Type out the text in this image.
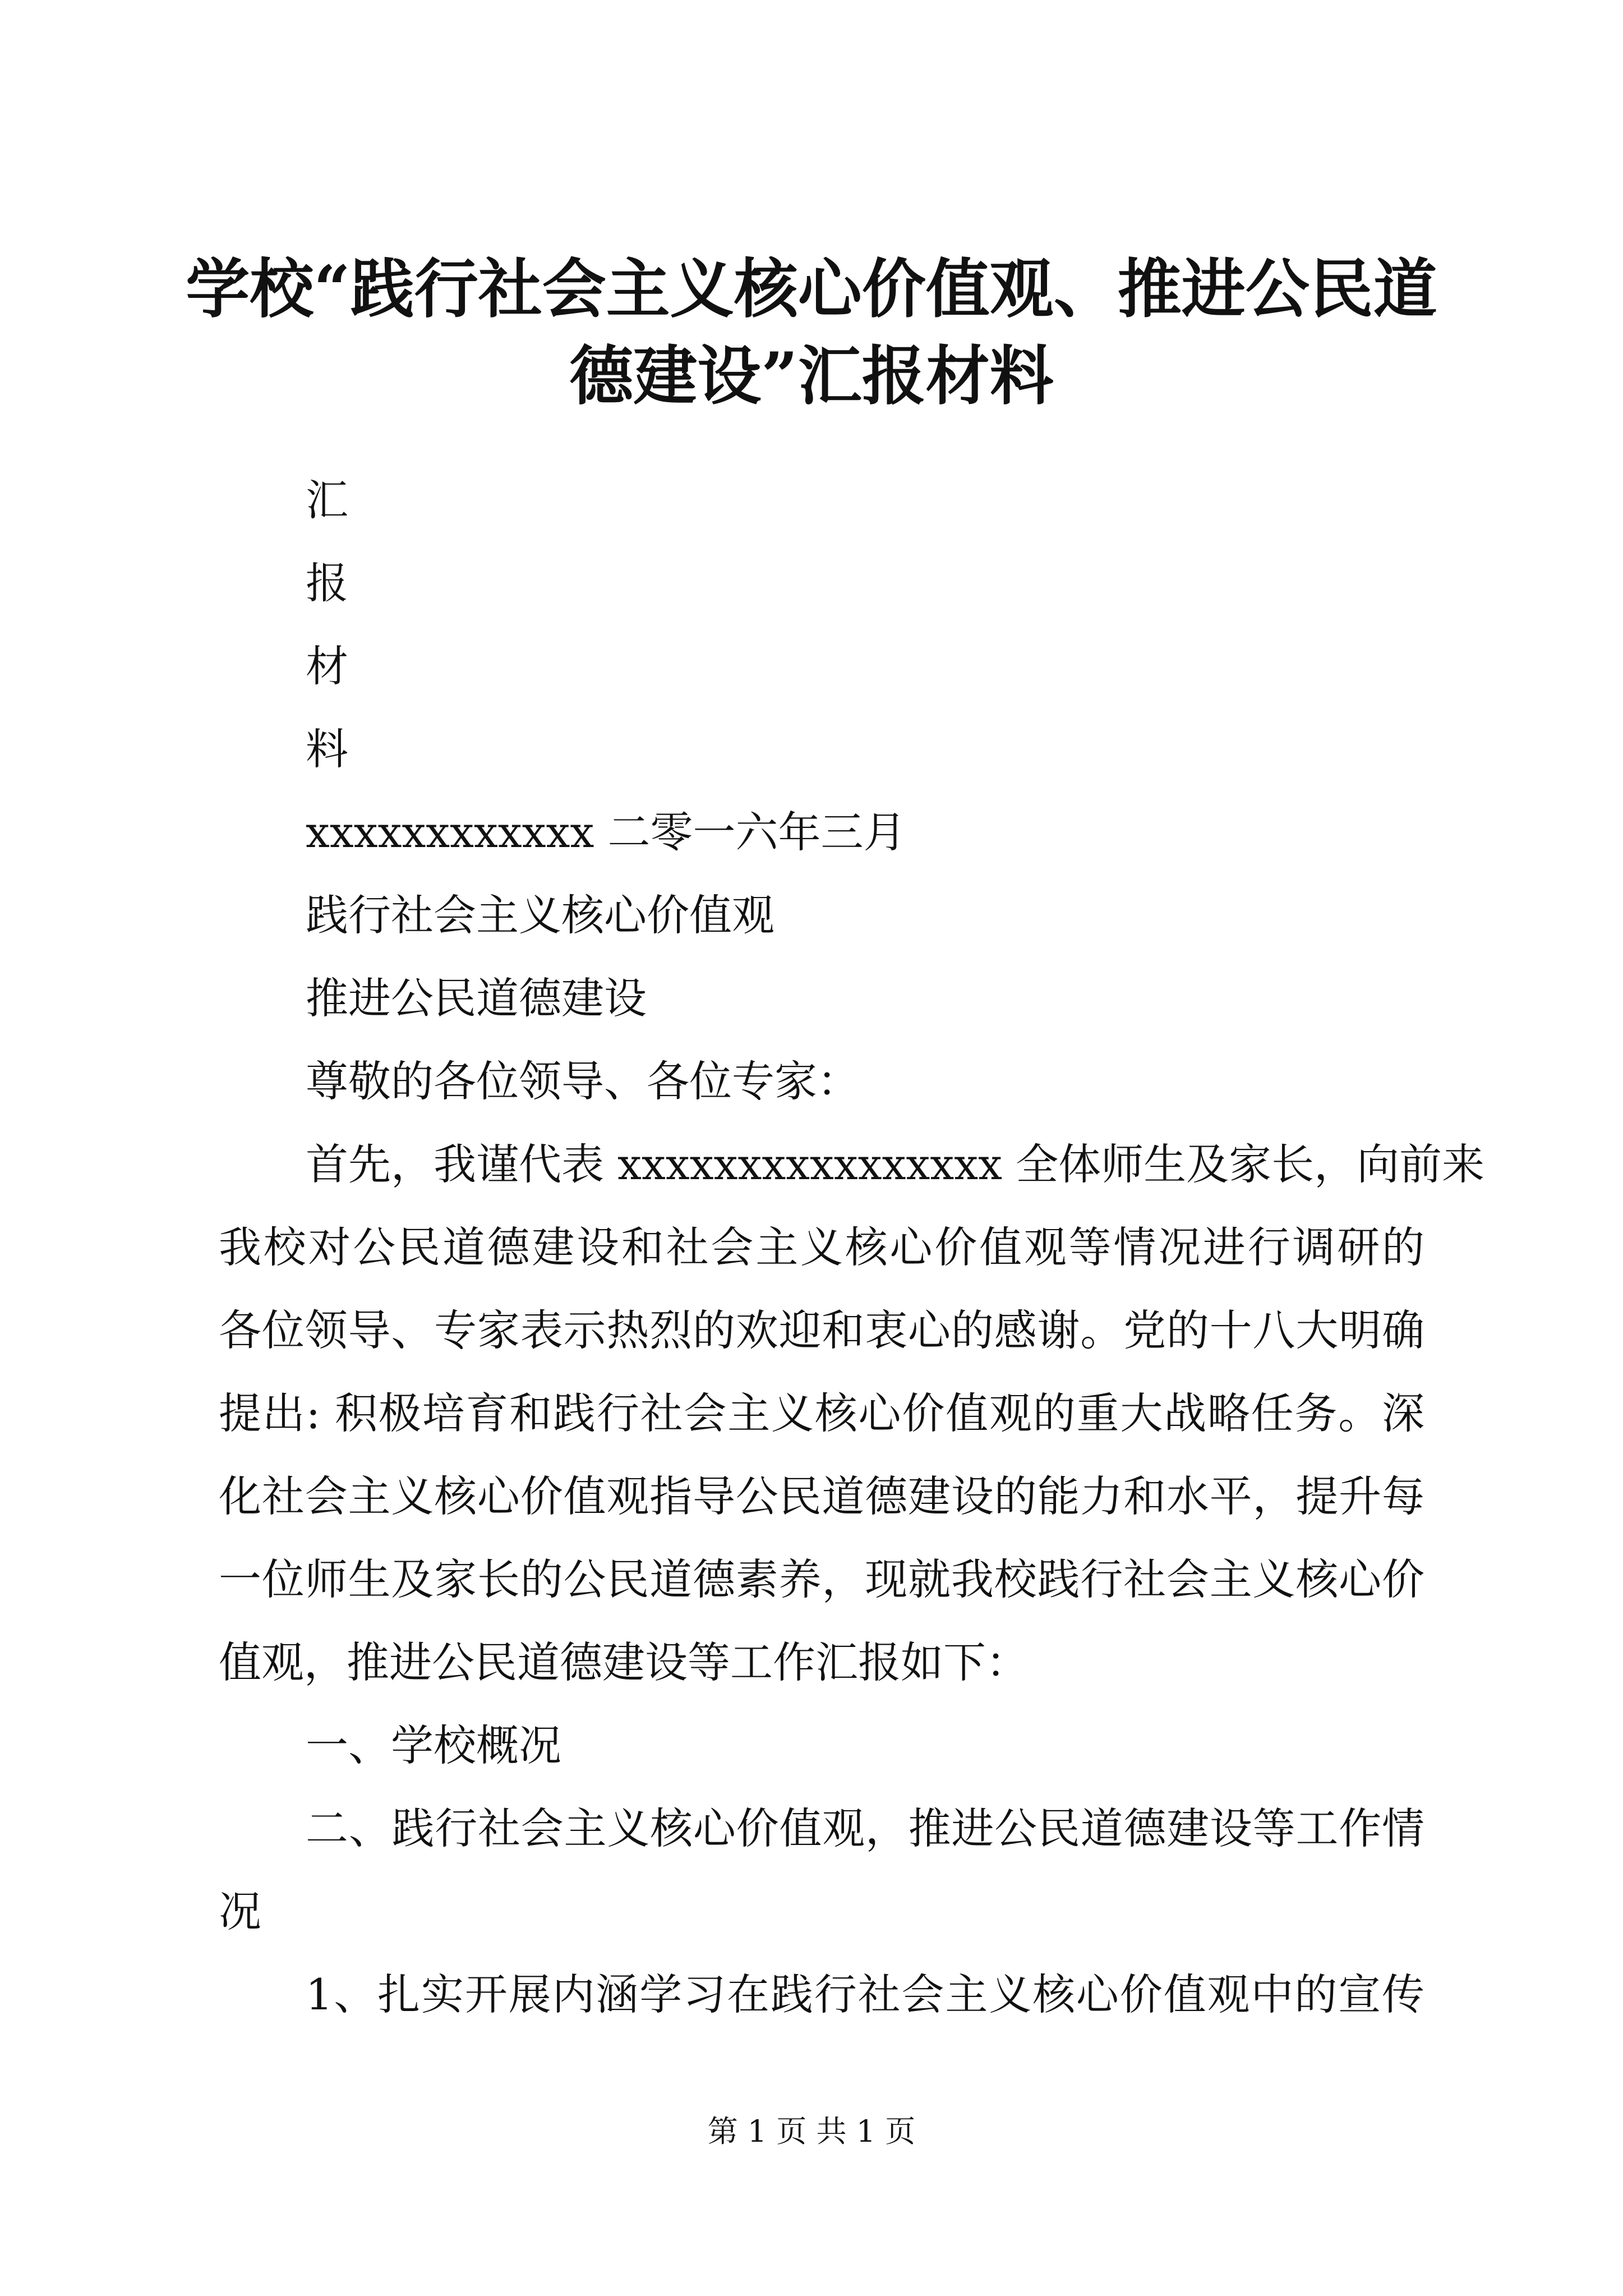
学校“践行社会主义核心价值观、推进公民道
德建设”汇报材料
汇
报
材
料
xxxxxxxxxxxx 二零一六年三月
践行社会主义核心价值观
推进公民道德建设
尊敬的各位领导、各位专家：
首先，我谨代表 xxxxxxxxxxxxxxxx 全体师生及家长，向前来
我校对公民道德建设和社会主义核心价值观等情况进行调研的
各位领导、专家表示热烈的欢迎和衷心的感谢。党的十八大明确
提出: 积极培育和践行社会主义核心价值观的重大战略任务。深
化社会主义核心价值观指导公民道德建设的能力和水平，提升每
一位师生及家长的公民道德素养，现就我校践行社会主义核心价
值观，推进公民道德建设等工作汇报如下：
一、学校概况
二、践行社会主义核心价值观，推进公民道德建设等工作情
况
1、扎实开展内涵学习在践行社会主义核心价值观中的宣传
第 1 页 共 1 页
